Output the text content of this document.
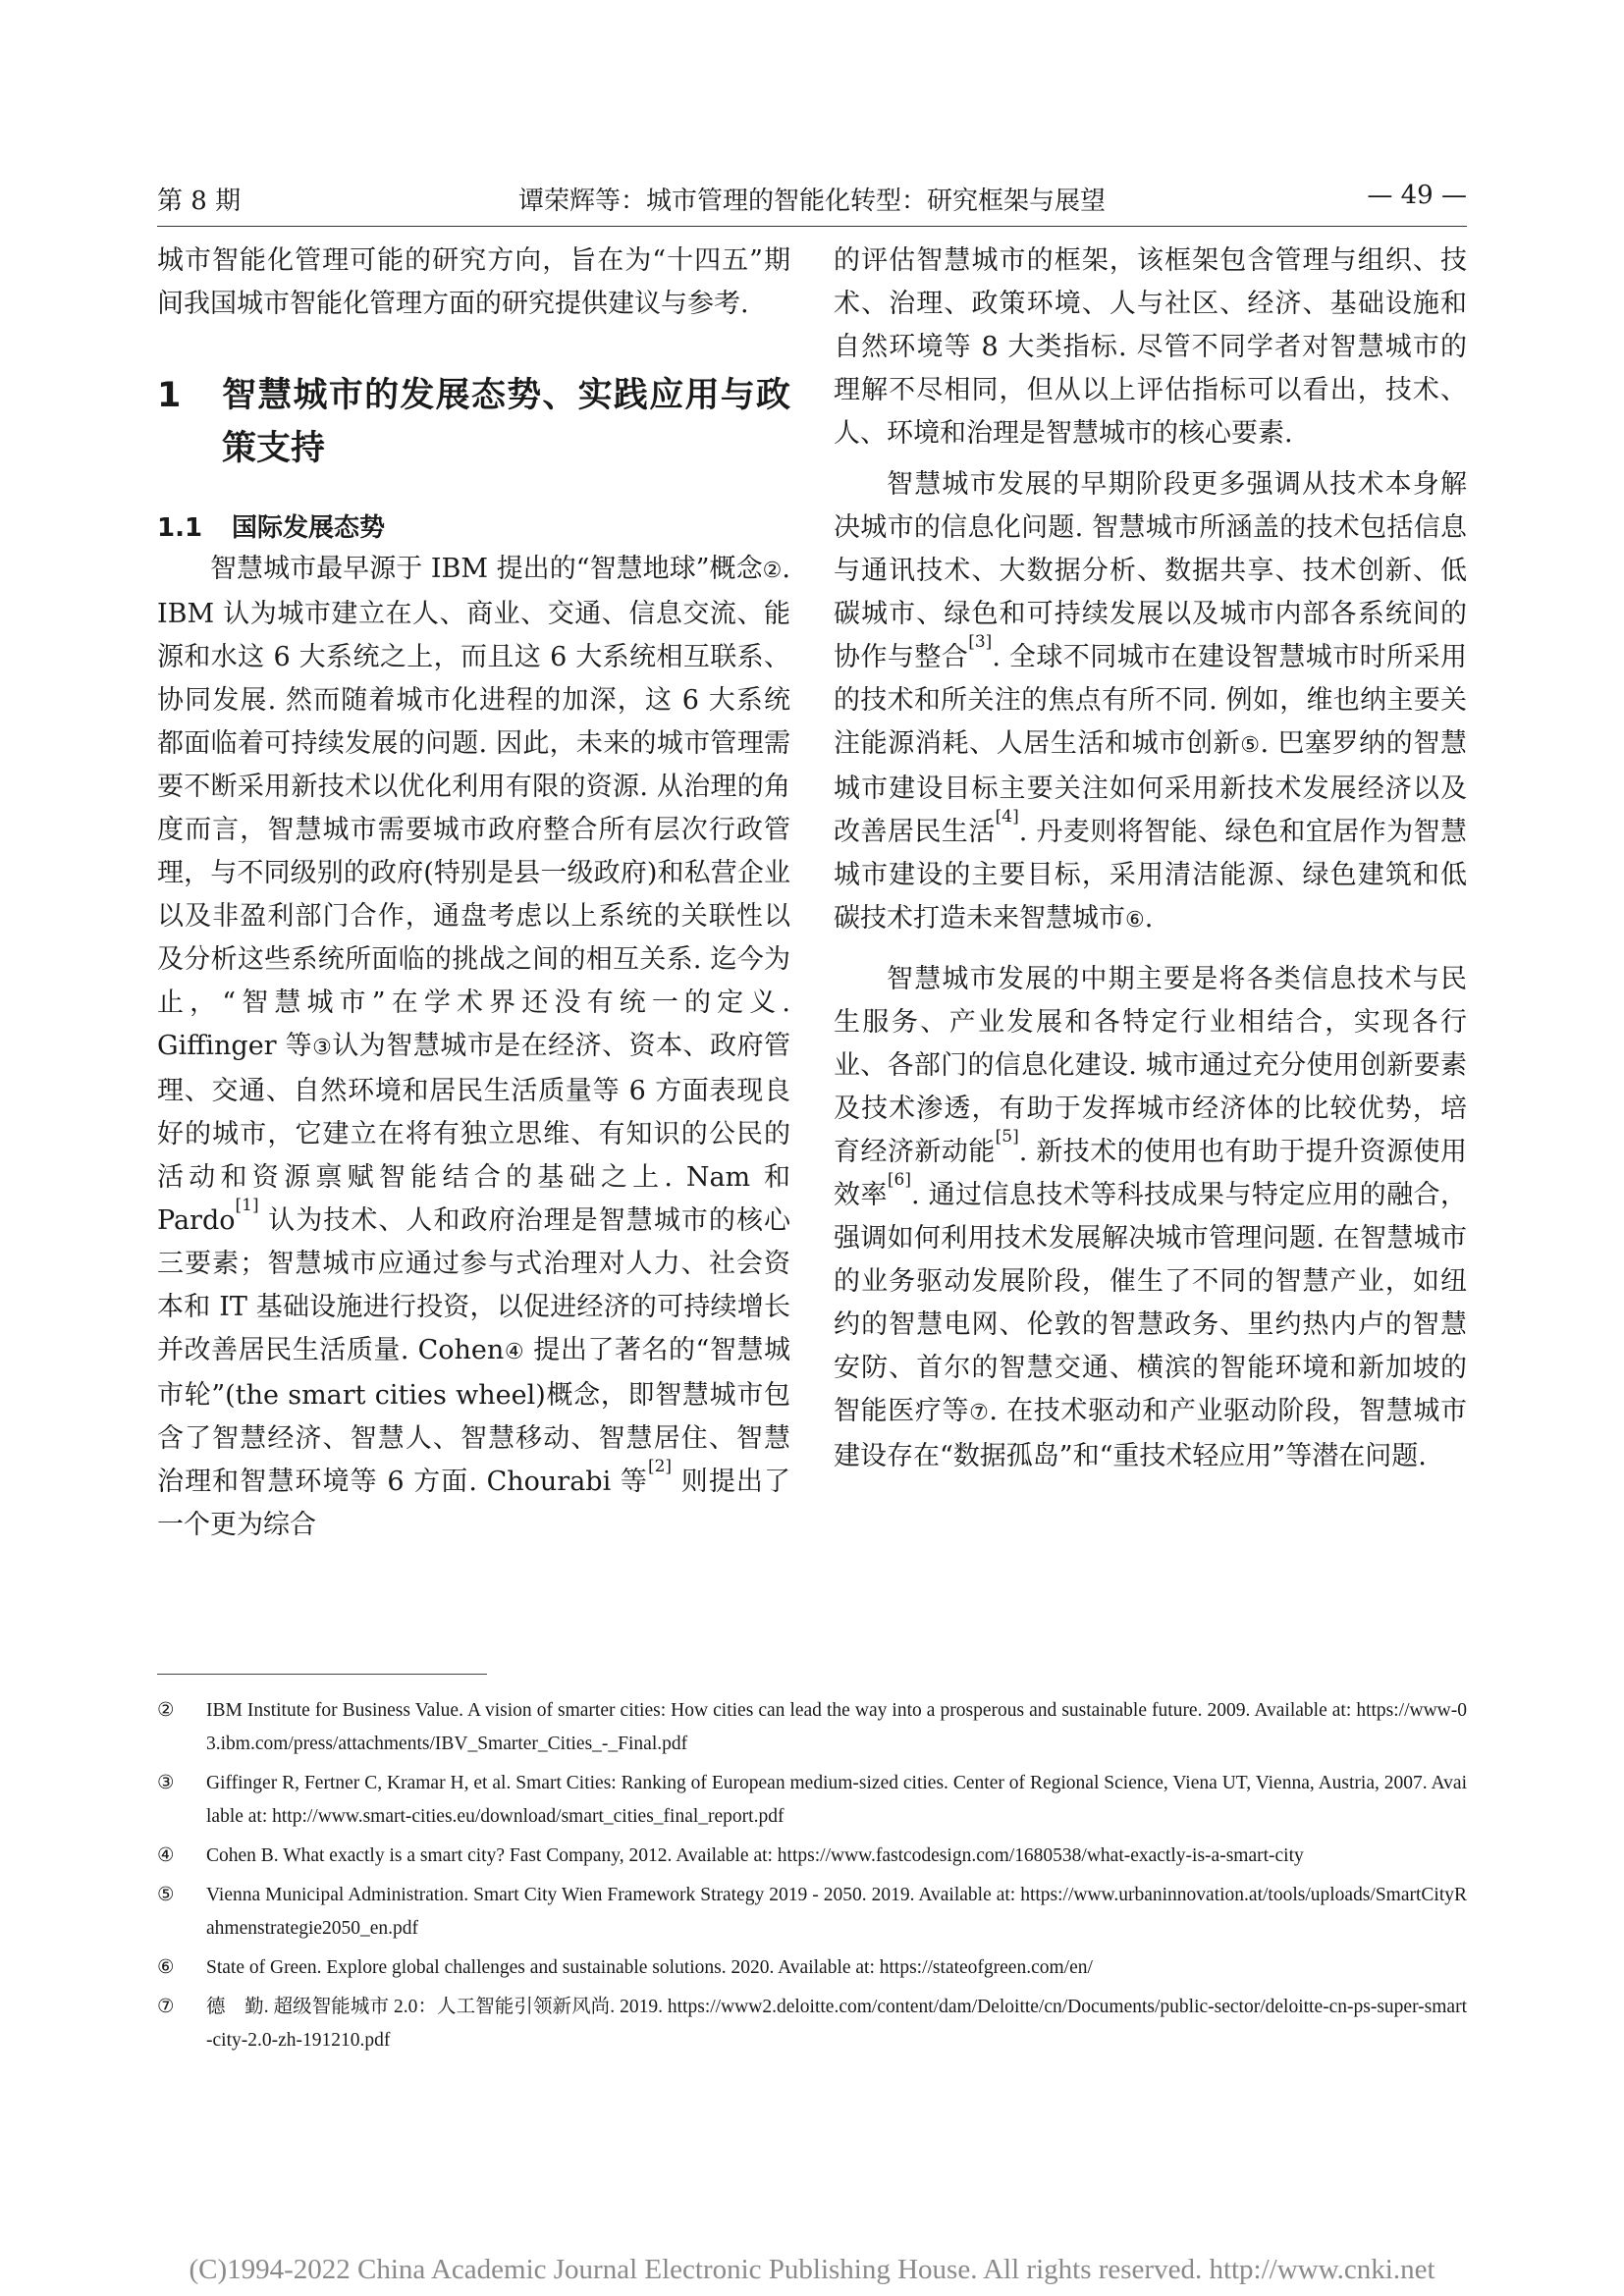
第 8 期	谭荣辉等：城市管理的智能化转型：研究框架与展望	— 49 —

城市智能化管理可能的研究方向，旨在为“十四五”期间我国城市智能化管理方面的研究提供建议与参考.

1	智慧城市的发展态势、实践应用与政策支持
1.1	国际发展态势

智慧城市最早源于 IBM 提出的“智慧地球”概念②. IBM 认为城市建立在人、商业、交通、信息交流、能源和水这 6 大系统之上，而且这 6 大系统相互联系、协同发展. 然而随着城市化进程的加深，这 6 大系统都面临着可持续发展的问题. 因此，未来的城市管理需要不断采用新技术以优化利用有限的资源. 从治理的角度而言，智慧城市需要城市政府整合所有层次行政管理，与不同级别的政府(特别是县一级政府)和私营企业以及非盈利部门合作，通盘考虑以上系统的关联性以及分析这些系统所面临的挑战之间的相互关系. 迄今为止，“智慧城市”在学术界还没有统一的定义. Giffinger 等③认为智慧城市是在经济、资本、政府管理、交通、自然环境和居民生活质量等 6 方面表现良好的城市，它建立在将有独立思维、有知识的公民的活动和资源禀赋智能结合的基础之上. Nam 和 Pardo[1] 认为技术、人和政府治理是智慧城市的核心三要素；智慧城市应通过参与式治理对人力、社会资本和 IT 基础设施进行投资，以促进经济的可持续增长并改善居民生活质量. Cohen④ 提出了著名的“智慧城市轮”(the smart cities wheel)概念，即智慧城市包含了智慧经济、智慧人、智慧移动、智慧居住、智慧治理和智慧环境等 6 方面. Chourabi 等[2] 则提出了一个更为综合

的评估智慧城市的框架，该框架包含管理与组织、技术、治理、政策环境、人与社区、经济、基础设施和自然环境等 8 大类指标. 尽管不同学者对智慧城市的理解不尽相同，但从以上评估指标可以看出，技术、人、环境和治理是智慧城市的核心要素.

智慧城市发展的早期阶段更多强调从技术本身解决城市的信息化问题. 智慧城市所涵盖的技术包括信息与通讯技术、大数据分析、数据共享、技术创新、低碳城市、绿色和可持续发展以及城市内部各系统间的协作与整合[3]. 全球不同城市在建设智慧城市时所采用的技术和所关注的焦点有所不同. 例如，维也纳主要关注能源消耗、人居生活和城市创新⑤. 巴塞罗纳的智慧城市建设目标主要关注如何采用新技术发展经济以及改善居民生活[4]. 丹麦则将智能、绿色和宜居作为智慧城市建设的主要目标，采用清洁能源、绿色建筑和低碳技术打造未来智慧城市⑥.

智慧城市发展的中期主要是将各类信息技术与民生服务、产业发展和各特定行业相结合，实现各行业、各部门的信息化建设. 城市通过充分使用创新要素及技术渗透，有助于发挥城市经济体的比较优势，培育经济新动能[5]. 新技术的使用也有助于提升资源使用效率[6]. 通过信息技术等科技成果与特定应用的融合，强调如何利用技术发展解决城市管理问题. 在智慧城市的业务驱动发展阶段，催生了不同的智慧产业，如纽约的智慧电网、伦敦的智慧政务、里约热内卢的智慧安防、首尔的智慧交通、横滨的智能环境和新加坡的智能医疗等⑦. 在技术驱动和产业驱动阶段，智慧城市建设存在“数据孤岛”和“重技术轻应用”等潜在问题.

②	IBM Institute for Business Value. A vision of smarter cities: How cities can lead the way into a prosperous and sustainable future. 2009. Available at: https://www-03.ibm.com/press/attachments/IBV_Smarter_Cities_-_Final.pdf
③	Giffinger R, Fertner C, Kramar H, et al. Smart Cities: Ranking of European medium-sized cities. Center of Regional Science, Viena UT, Vienna, Austria, 2007. Available at: http://www.smart-cities.eu/download/smart_cities_final_report.pdf
④	Cohen B. What exactly is a smart city? Fast Company, 2012. Available at: https://www.fastcodesign.com/1680538/what-exactly-is-a-smart-city
⑤	Vienna Municipal Administration. Smart City Wien Framework Strategy 2019 - 2050. 2019. Available at: https://www.urbaninnovation.at/tools/uploads/SmartCityRahmenstrategie2050_en.pdf
⑥	State of Green. Explore global challenges and sustainable solutions. 2020. Available at: https://stateofgreen.com/en/
⑦	德　勤. 超级智能城市 2.0：人工智能引领新风尚. 2019. https://www2.deloitte.com/content/dam/Deloitte/cn/Documents/public-sector/deloitte-cn-ps-super-smart-city-2.0-zh-191210.pdf
(C)1994-2022 China Academic Journal Electronic Publishing House. All rights reserved. http://www.cnki.net
